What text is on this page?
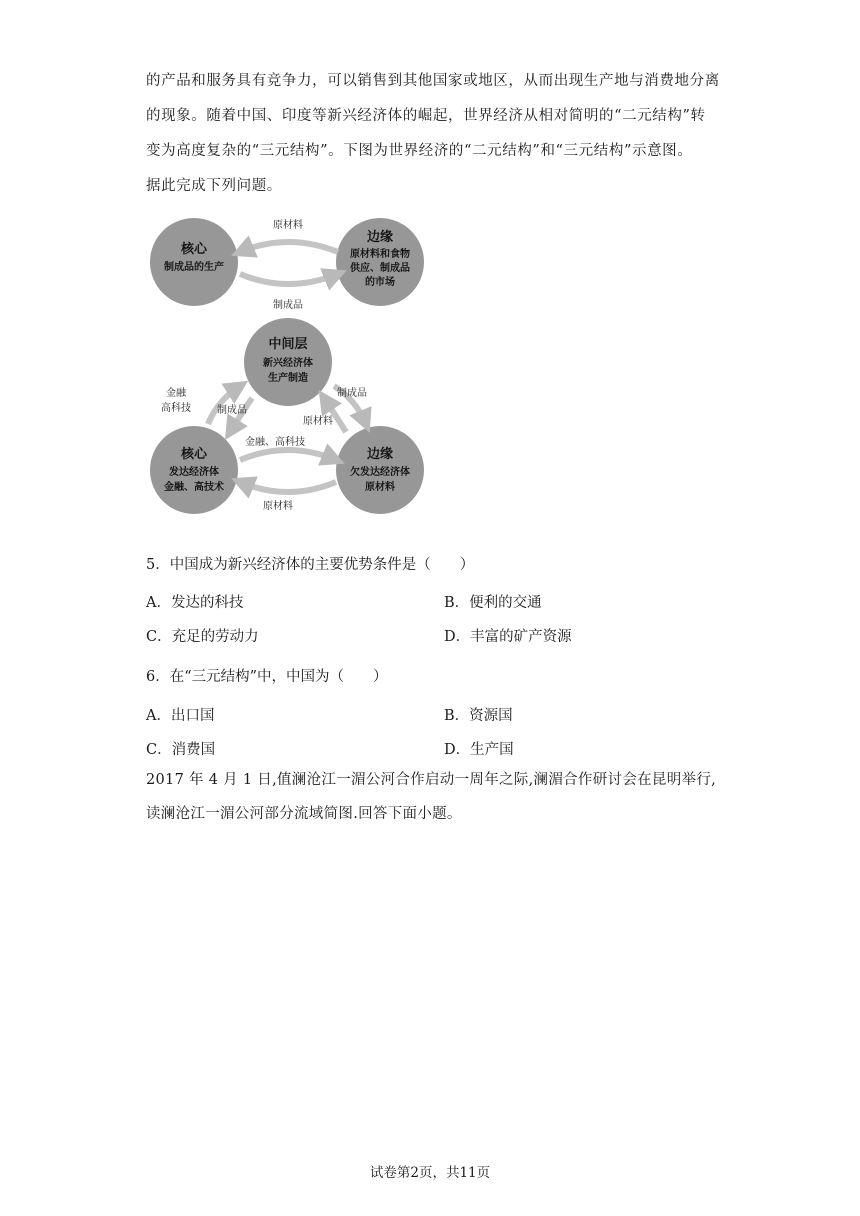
的产品和服务具有竞争力，可以销售到其他国家或地区，从而出现生产地与消费地分离
的现象。随着中国、印度等新兴经济体的崛起，世界经济从相对简明的“二元结构”转
变为高度复杂的“三元结构”。下图为世界经济的“二元结构”和“三元结构”示意图。
据此完成下列问题。
核心
制成品的生产
边缘
原材料和食物
供应、制成品
的市场
原材料
制成品
中间层
新兴经济体
生产制造
核心
发达经济体
金融、高技术
边缘
欠发达经济体
原材料
金融
高科技	制成品
制成品
原材料
金融、高科技
原材料
5．中国成为新兴经济体的主要优势条件是（　　）
A．发达的科技	B．便利的交通
C．充足的劳动力	D．丰富的矿产资源
6．在“三元结构”中，中国为（　　）
A．出口国	B．资源国
C．消费国	D．生产国
2017 年 4 月 1 日,值澜沧江一湄公河合作启动一周年之际,澜湄合作研讨会在昆明举行,
读澜沧江一湄公河部分流域简图.回答下面小题。
试卷第2页，共11页
